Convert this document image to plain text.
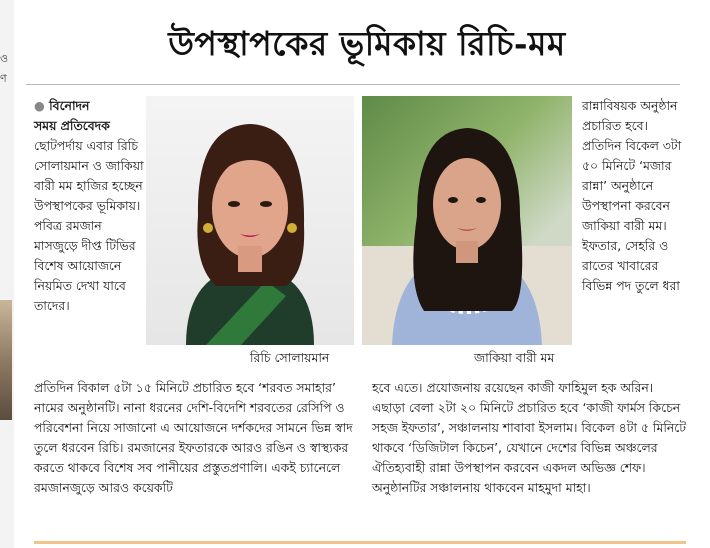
ও
ণ
উপস্থাপকের ভূমিকায় রিচি-মম
● বিনোদন
সময় প্রতিবেদক
ছোটপর্দায় এবার রিচি সোলায়মান ও জাকিয়া বারী মম হাজির হচ্ছেন উপস্থাপকের ভূমিকায়। পবিত্র রমজান মাসজুড়ে দীপ্ত টিভির বিশেষ আয়োজনে নিয়মিত দেখা যাবে তাদের।
রিচি সোলায়মান	জাকিয়া বারী মম
রান্নাবিষয়ক অনুষ্ঠান প্রচারিত হবে। প্রতিদিন বিকেল ৩টা ৫০ মিনিটে ‘মজার রান্না’ অনুষ্ঠানে উপস্থাপনা করবেন জাকিয়া বারী মম। ইফতার, সেহরি ও রাতের খাবারের বিভিন্ন পদ তুলে ধরা
প্রতিদিন বিকাল ৫টা ১৫ মিনিটে প্রচারিত হবে ‘শরবত সমাহার’ নামের অনুষ্ঠানটি। নানা ধরনের দেশি-বিদেশি শরবতের রেসিপি ও পরিবেশনা নিয়ে সাজানো এ আয়োজনে দর্শকদের সামনে ভিন্ন স্বাদ তুলে ধরবেন রিচি। রমজানের ইফতারকে আরও রঙিন ও স্বাস্থ্যকর করতে থাকবে বিশেষ সব পানীয়ের প্রস্তুতপ্রণালি। একই চ্যানেলে রমজানজুড়ে আরও কয়েকটি
হবে এতে। প্রযোজনায় রয়েছেন কাজী ফাহিমুল হক অরিন। এছাড়া বেলা ২টা ২০ মিনিটে প্রচারিত হবে ‘কাজী ফার্মস কিচেন সহজ ইফতার’, সঞ্চালনায় শাবাবা ইসলাম। বিকেল ৪টা ৫ মিনিটে থাকবে ‘ডিজিটাল কিচেন’, যেখানে দেশের বিভিন্ন অঞ্চলের ঐতিহ্যবাহী রান্না উপস্থাপন করবেন একদল অভিজ্ঞ শেফ। অনুষ্ঠানটির সঞ্চালনায় থাকবেন মাহমুদা মাহা।
